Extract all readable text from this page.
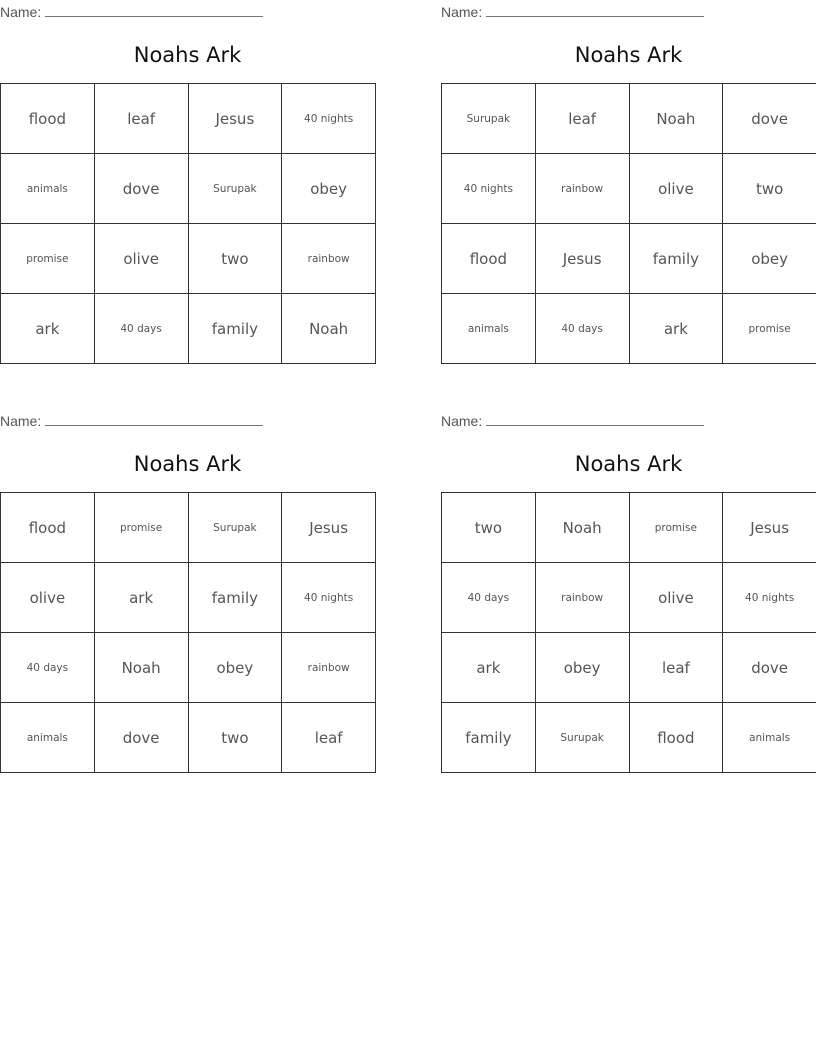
Name:
Noahs Ark
flood	leaf	Jesus	40 nights
animals	dove	Surupak	obey
promise	olive	two	rainbow
ark	40 days	family	Noah
Name:
Noahs Ark
Surupak	leaf	Noah	dove
40 nights	rainbow	olive	two
flood	Jesus	family	obey
animals	40 days	ark	promise
Name:
Noahs Ark
flood	promise	Surupak	Jesus
olive	ark	family	40 nights
40 days	Noah	obey	rainbow
animals	dove	two	leaf
Name:
Noahs Ark
two	Noah	promise	Jesus
40 days	rainbow	olive	40 nights
ark	obey	leaf	dove
family	Surupak	flood	animals
